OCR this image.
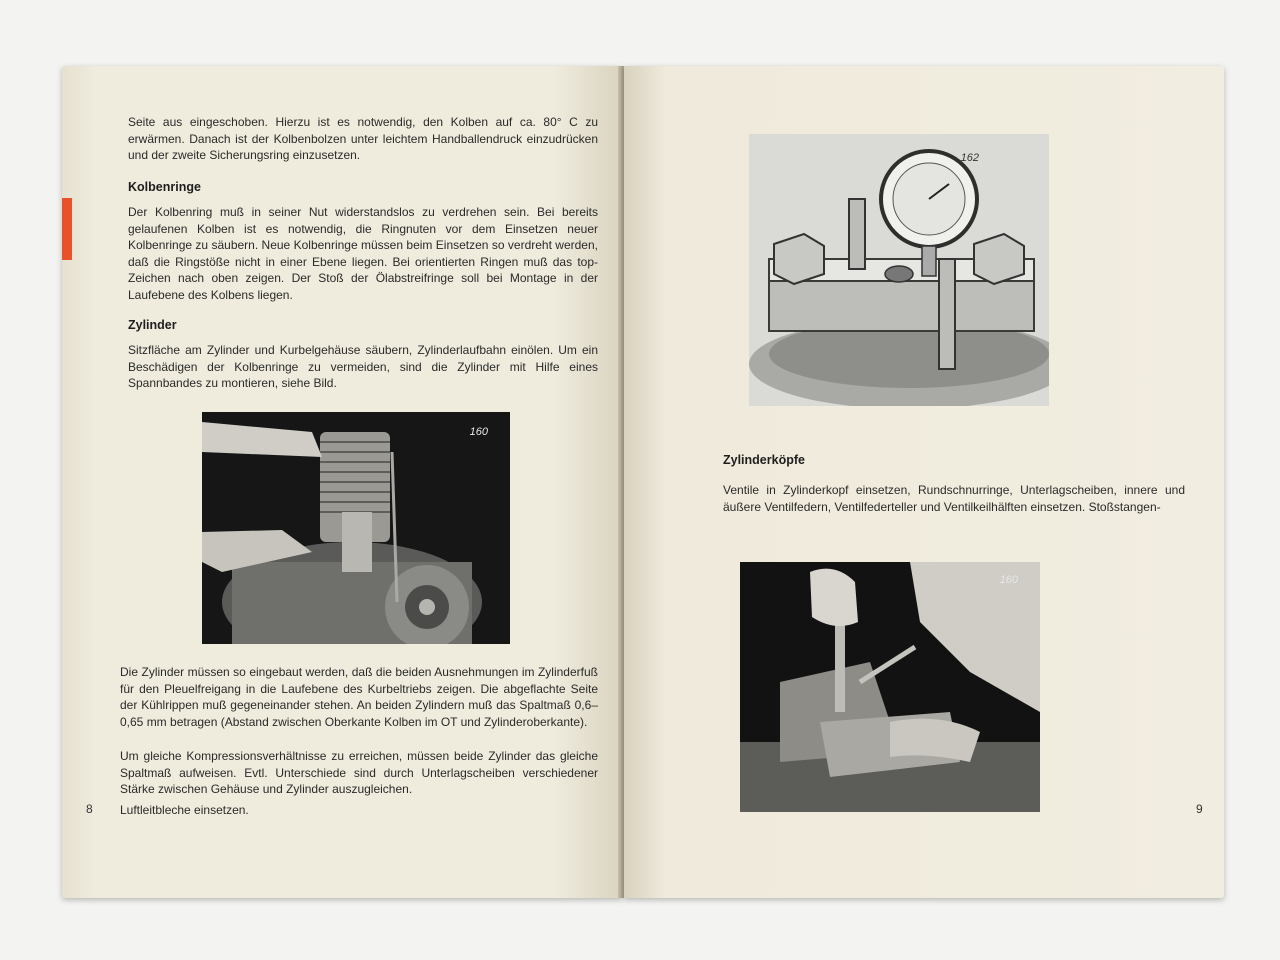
Seite aus eingeschoben. Hierzu ist es notwendig, den Kolben auf ca. 80° C zu erwärmen. Danach ist der Kolbenbolzen unter leichtem Handballendruck einzudrücken und der zweite Sicherungsring einzusetzen.
Kolbenringe
Der Kolbenring muß in seiner Nut widerstandslos zu verdrehen sein. Bei bereits gelaufenen Kolben ist es notwendig, die Ringnuten vor dem Einsetzen neuer Kolbenringe zu säubern. Neue Kolbenringe müssen beim Einsetzen so verdreht werden, daß die Ringstöße nicht in einer Ebene liegen. Bei orientierten Ringen muß das top-Zeichen nach oben zeigen. Der Stoß der Ölabstreifringe soll bei Montage in der Laufebene des Kolbens liegen.
Zylinder
Sitzfläche am Zylinder und Kurbelgehäuse säubern, Zylinderlaufbahn einölen. Um ein Beschädigen der Kolbenringe zu vermeiden, sind die Zylinder mit Hilfe eines Spannbandes zu montieren, siehe Bild.
160
Die Zylinder müssen so eingebaut werden, daß die beiden Ausnehmungen im Zylinderfuß für den Pleuelfreigang in die Laufebene des Kurbeltriebs zeigen. Die abgeflachte Seite der Kühlrippen muß gegeneinander stehen. An beiden Zylindern muß das Spaltmaß 0,6–0,65 mm betragen (Abstand zwischen Oberkante Kolben im OT und Zylinderoberkante).
Um gleiche Kompressionsverhältnisse zu erreichen, müssen beide Zylinder das gleiche Spaltmaß aufweisen. Evtl. Unterschiede sind durch Unterlagscheiben verschiedener Stärke zwischen Gehäuse und Zylinder auszugleichen.
8 Luftleitbleche einsetzen.
162
Zylinderköpfe
Ventile in Zylinderkopf einsetzen, Rundschnurringe, Unterlagscheiben, innere und äußere Ventilfedern, Ventilfederteller und Ventilkeilhälften einsetzen. Stoßstangen-
160
9
